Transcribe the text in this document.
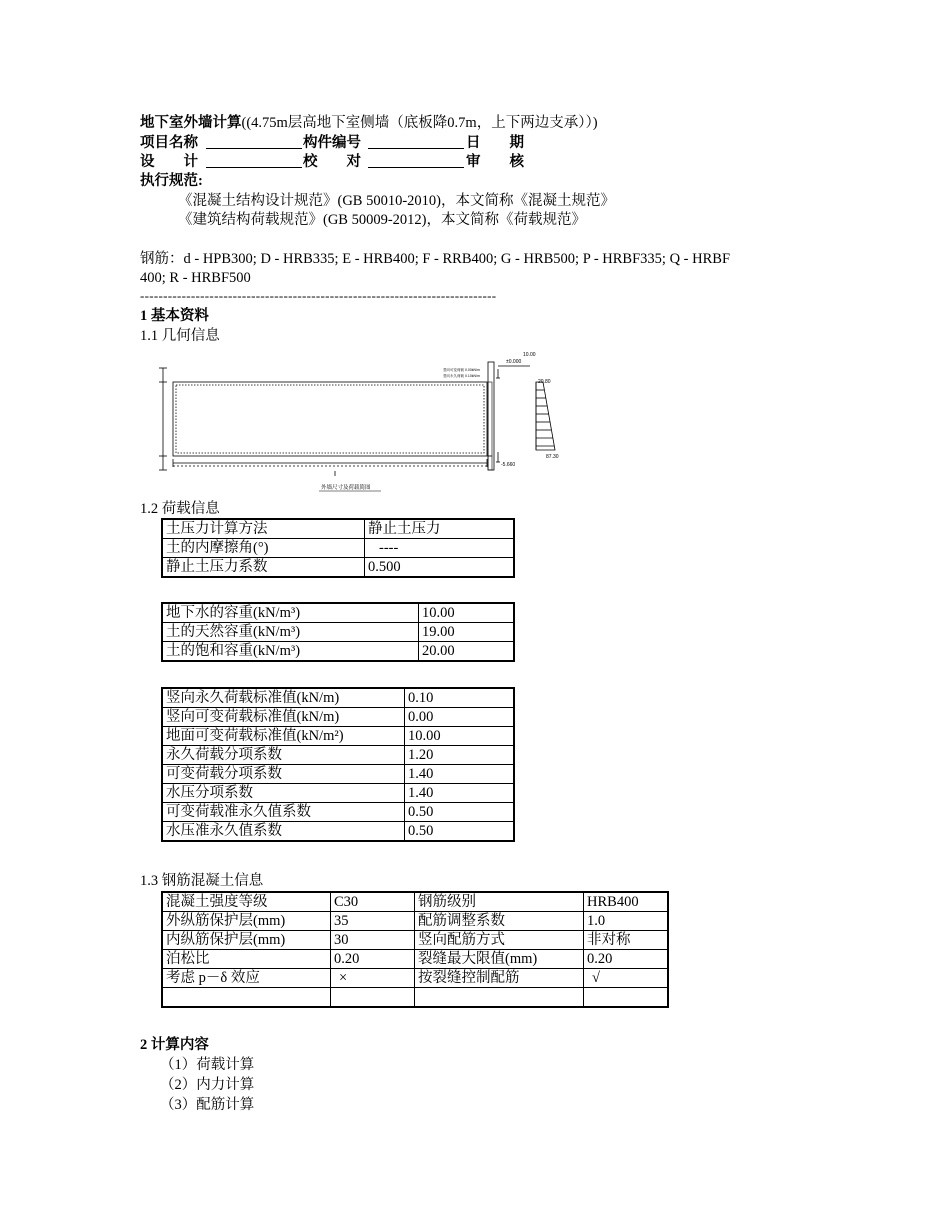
地下室外墙计算((4.75m层高地下室侧墙（底板降0.7m，上下两边支承））)
项目名称	构件编号	日　　期
设　　计	校　　对	审　　核
执行规范:
《混凝土结构设计规范》(GB 50010-2010)，本文简称《混凝土规范》
《建筑结构荷载规范》(GB 50009-2012)，本文简称《荷载规范》
钢筋：d - HPB300; D - HRB335; E - HRB400; F - RRB400; G - HRB500; P - HRBF335; Q - HRBF
400; R - HRBF500
-----------------------------------------------------------------------------
1 基本资料
1.1 几何信息
外墙尺寸及荷载简图
10.00
±0.000
竖向可变荷载 0.00kN/m
竖向永久荷载 0.10kN/m
20.80
87.30
-5.660
1.2 荷载信息
土压力计算方法	静止土压力
土的内摩擦角(°)	----
静止土压力系数	0.500
地下水的容重(kN/m³)	10.00
土的天然容重(kN/m³)	19.00
土的饱和容重(kN/m³)	20.00
竖向永久荷载标准值(kN/m)	0.10
竖向可变荷载标准值(kN/m)	0.00
地面可变荷载标准值(kN/m²)	10.00
永久荷载分项系数	1.20
可变荷载分项系数	1.40
水压分项系数	1.40
可变荷载准永久值系数	0.50
水压准永久值系数	0.50
1.3 钢筋混凝土信息
混凝土强度等级	C30	钢筋级别	HRB400
外纵筋保护层(mm)	35	配筋调整系数	1.0
内纵筋保护层(mm)	30	竖向配筋方式	非对称
泊松比	0.20	裂缝最大限值(mm)	0.20
考虑 p－δ 效应	×	按裂缝控制配筋	√

2 计算内容
（1）荷载计算
（2）内力计算
（3）配筋计算
